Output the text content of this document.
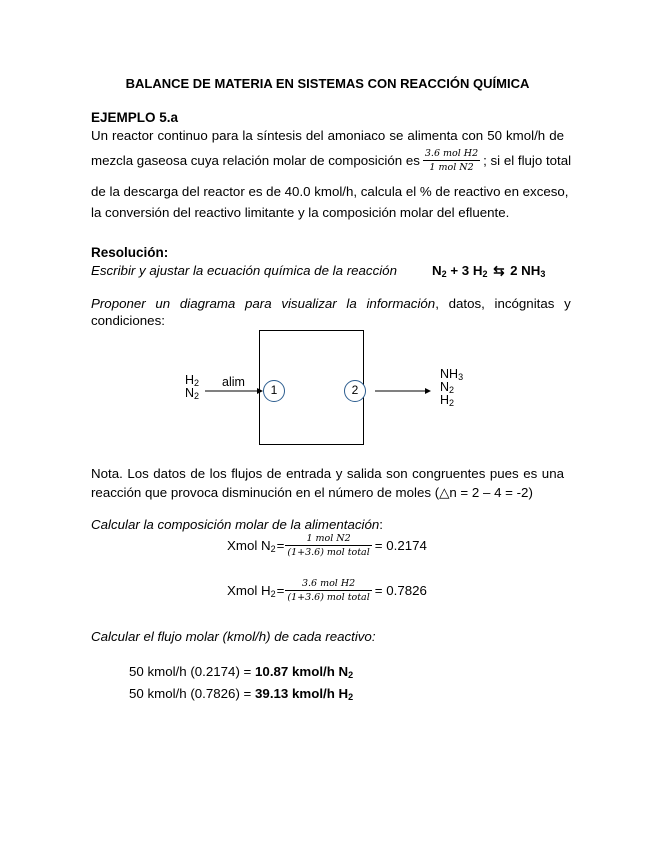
BALANCE DE MATERIA EN SISTEMAS CON REACCIÓN QUÍMICA
EJEMPLO 5.a
Un reactor continuo para la síntesis del amoniaco se alimenta con 50 kmol/h de
mezcla gaseosa cuya relación molar de composición es $\frac{\text{3.6 mol H2}}{\text{1 mol N2}}$ ; si el flujo total
de la descarga del reactor es de 40.0 kmol/h, calcula el % de reactivo en exceso,
la conversión del reactivo limitante y la composición molar del efluente.
Resolución:
Escribir y ajustar la ecuación química de la reacción	$N_2 + 3$ $H_2$ ⇆ 2 $NH_3$
Proponer un diagrama para visualizar la información , datos, incógnitas y
condiciones:
$H_2$
$N_2$
alim
1	2
$NH_3$
$N_2$
$H_2$
Nota. Los datos de los flujos de entrada y salida son congruentes pues es una
reacción que provoca disminución en el número de moles (△n = 2 – 4 = -2)
Calcular la composición molar de la alimentación:
Xmol $N_2 = \frac{\text{1 mol N2}}{\text{(1+3.6) mol total}} = 0.2174$
Xmol $H_2 = \frac{\text{3.6 mol H2}}{\text{(1+3.6) mol total}} = 0.7826$
Calcular el flujo molar (kmol/h) de cada reactivo:
50 kmol/h (0.2174) = 10.87 kmol/h $N_2$
50 kmol/h (0.7826) = 39.13 kmol/h $H_2$
